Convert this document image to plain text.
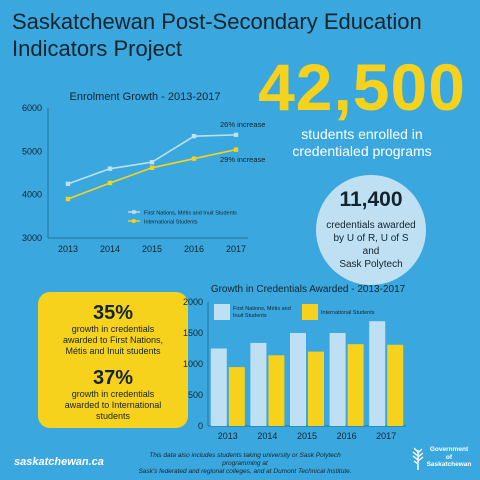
Saskatchewan Post-Secondary Education
Indicators Project
42,500
students enrolled in
credentialed programs
11,400
credentials awarded
by U of R, U of S and
Sask Polytech
Enrolment Growth - 2013-2017
3000
4000
5000
6000
2013 2014 2015 2016 2017
First Nations, Métis and Inuit Students
International Students
26% increase
29% increase
35%
growth in credentials
awarded to First Nations,
Métis and Inuit students
37%
growth in credentials
awarded to International
students
Growth in Credentials Awarded - 2013-2017
0
500
1000
1500
2000
2013 2014 2015 2016 2017
First Nations, Métis and
Inuit Students	International Students
saskatchewan.ca
This data also includes students taking university or Sask Polytech programming at
Sask's federated and regional colleges, and at Dumont Technical Institute.
Government
of
Saskatchewan
